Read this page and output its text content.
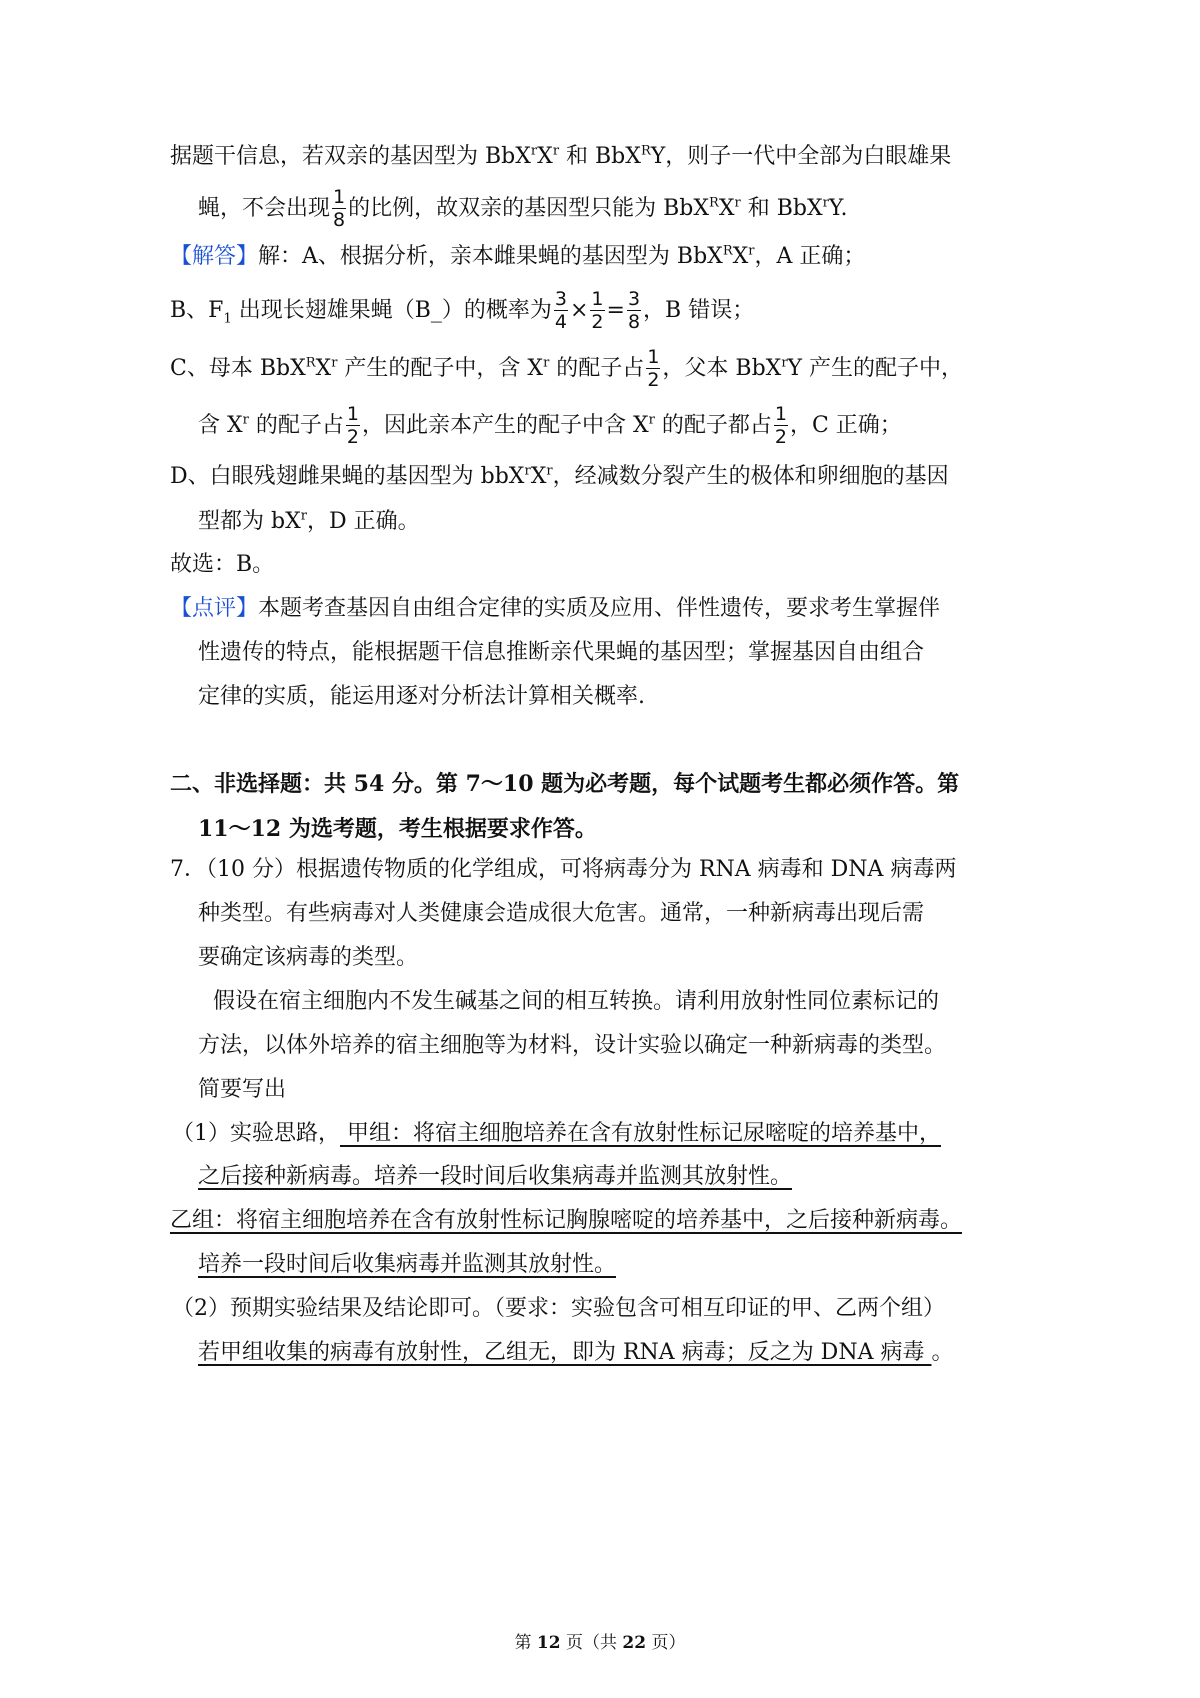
据题干信息，若双亲的基因型为 $BbX^rX^r$ 和 BbX$^R$Y，则子一代中全部为白眼雄果
蝇，不会出现 $\frac{1}{8}$ 的比例，故双亲的基因型只能为 $BbX^RX^r$ 和 BbX$^r$Y.
【解答】解：A、根据分析，亲本雌果蝇的基因型为 $BbX^RX^r$，A 正确；
B、$F_1$ 出现长翅雄果蝇（B_）的概率为 $\frac{3}{4} \times \frac{1}{2} = \frac{3}{8}$ ，B 错误；
C、母本 $BbX^RX^r$ 产生的配子中，含 $X^r$ 的配子占 $\frac{1}{2}$ ，父本 BbX$^r$Y 产生的配子中，
含 $X^r$ 的配子占 $\frac{1}{2}$ ，因此亲本产生的配子中含 $X^r$ 的配子都占 $\frac{1}{2}$ ，C 正确；
D、白眼残翅雌果蝇的基因型为 $bbX^rX^r$，经减数分裂产生的极体和卵细胞的基因
型都为 $bX^r$，D 正确。
故选：B。
【点评】本题考查基因自由组合定律的实质及应用、伴性遗传，要求考生掌握伴
性遗传的特点，能根据题干信息推断亲代果蝇的基因型；掌握基因自由组合
定律的实质，能运用逐对分析法计算相关概率.
二、非选择题：共 54 分。第 7～10 题为必考题，每个试题考生都必须作答。第
11～12 为选考题，考生根据要求作答。
7．（10 分）根据遗传物质的化学组成，可将病毒分为 RNA 病毒和 DNA 病毒两
种类型。有些病毒对人类健康会造成很大危害。通常，一种新病毒出现后需
要确定该病毒的类型。
假设在宿主细胞内不发生碱基之间的相互转换。请利用放射性同位素标记的
方法，以体外培养的宿主细胞等为材料，设计实验以确定一种新病毒的类型。
简要写出
（1）实验思路， 甲组：将宿主细胞培养在含有放射性标记尿嘧啶的培养基中，
之后接种新病毒。培养一段时间后收集病毒并监测其放射性。
乙组：将宿主细胞培养在含有放射性标记胸腺嘧啶的培养基中，之后接种新病毒。
培养一段时间后收集病毒并监测其放射性。
（2）预期实验结果及结论即可。（要求：实验包含可相互印证的甲、乙两个组）
若甲组收集的病毒有放射性，乙组无，即为 RNA 病毒；反之为 DNA 病毒 。
第 12 页（共 22 页）
